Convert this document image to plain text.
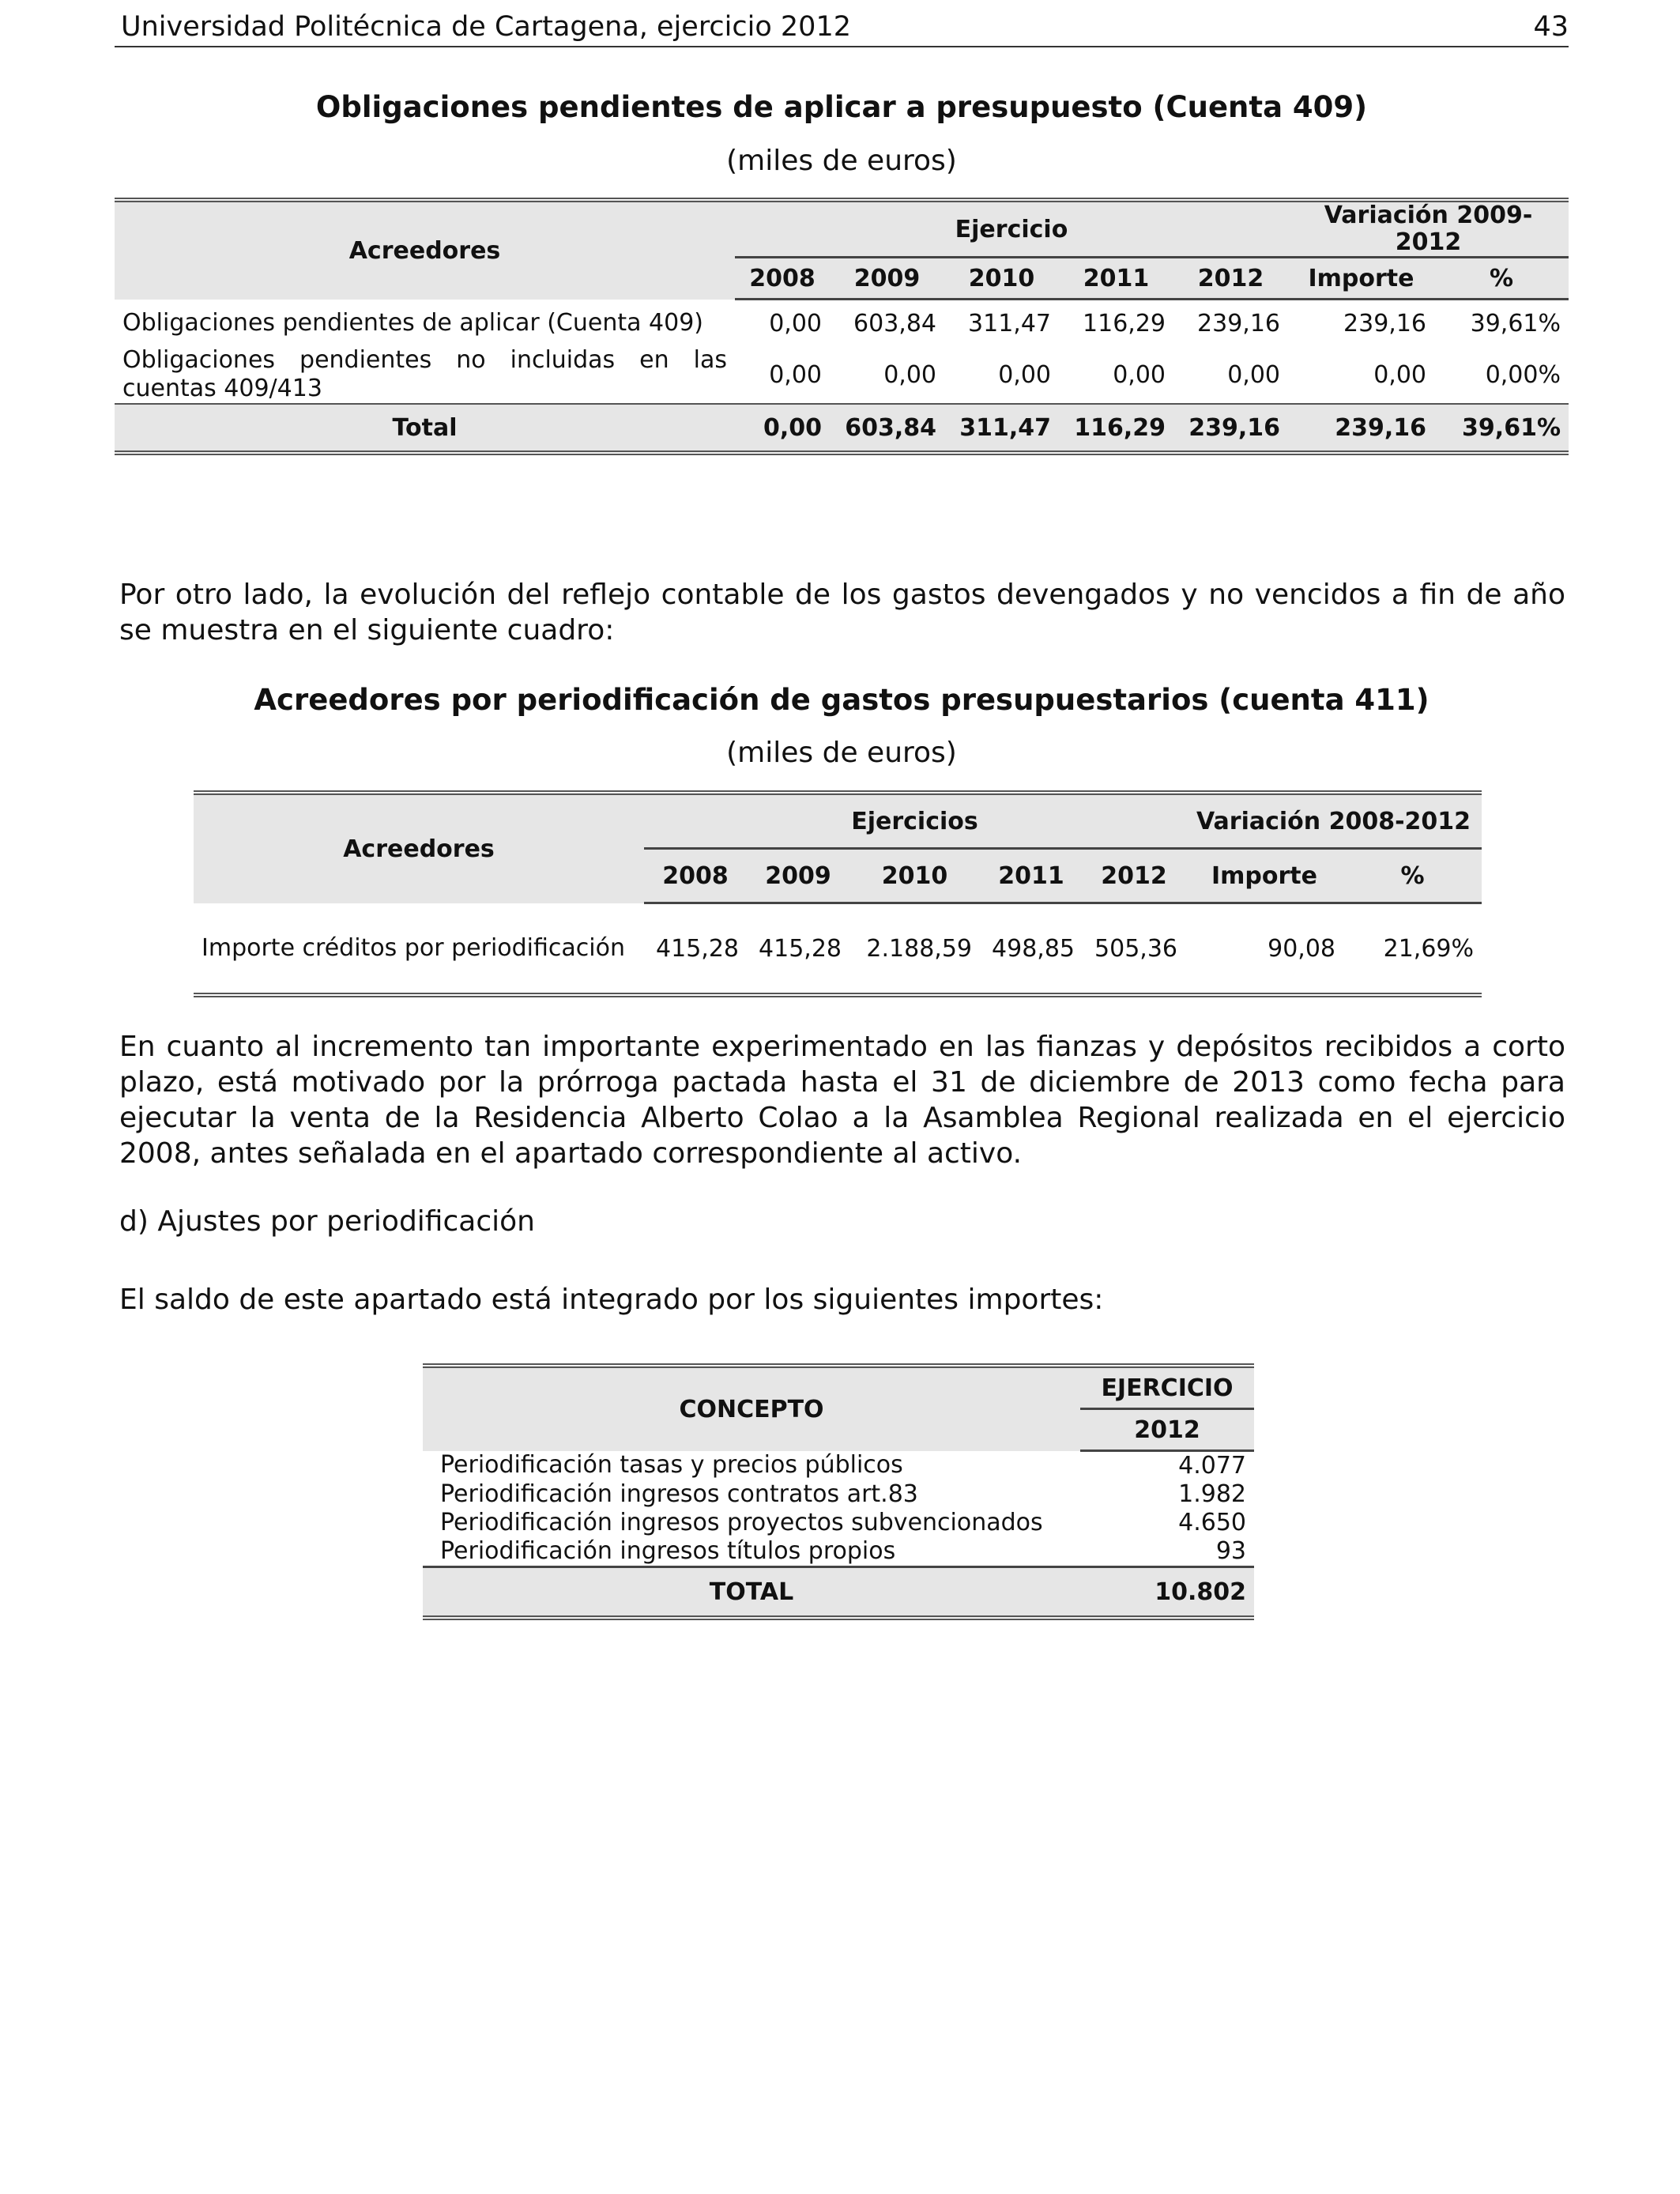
Universidad Politécnica de Cartagena, ejercicio 2012	43
Obligaciones pendientes de aplicar a presupuesto (Cuenta 409)
(miles de euros)
Acreedores	Ejercicio					Variación 2009-2012	
	2008	2009	2010	2011	2012	Importe	%
Obligaciones pendientes de aplicar (Cuenta 409)	0,00	603,84	311,47	116,29	239,16	239,16	39,61%
Obligaciones pendientes no incluidas en las cuentas 409/413	0,00	0,00	0,00	0,00	0,00	0,00	0,00%
Total	0,00	603,84	311,47	116,29	239,16	239,16	39,61%
Por otro lado, la evolución del reflejo contable de los gastos devengados y no vencidos a fin de año se muestra en el siguiente cuadro:
Acreedores por periodificación de gastos presupuestarios (cuenta 411)
(miles de euros)
Acreedores	Ejercicios					Variación 2008-2012	
	2008	2009	2010	2011	2012	Importe	%
Importe créditos por periodificación	415,28	415,28	2.188,59	498,85	505,36	90,08	21,69%
En cuanto al incremento tan importante experimentado en las fianzas y depósitos recibidos a corto plazo, está motivado por la prórroga pactada hasta el 31 de diciembre de 2013 como fecha para ejecutar la venta de la Residencia Alberto Colao a la Asamblea Regional realizada en el ejercicio 2008, antes señalada en el apartado correspondiente al activo.
d) Ajustes por periodificación
El saldo de este apartado está integrado por los siguientes importes:
CONCEPTO	EJERCICIO
	2012
Periodificación tasas y precios públicos	4.077
Periodificación ingresos contratos art.83	1.982
Periodificación ingresos proyectos subvencionados	4.650
Periodificación ingresos títulos propios	93
TOTAL	10.802
